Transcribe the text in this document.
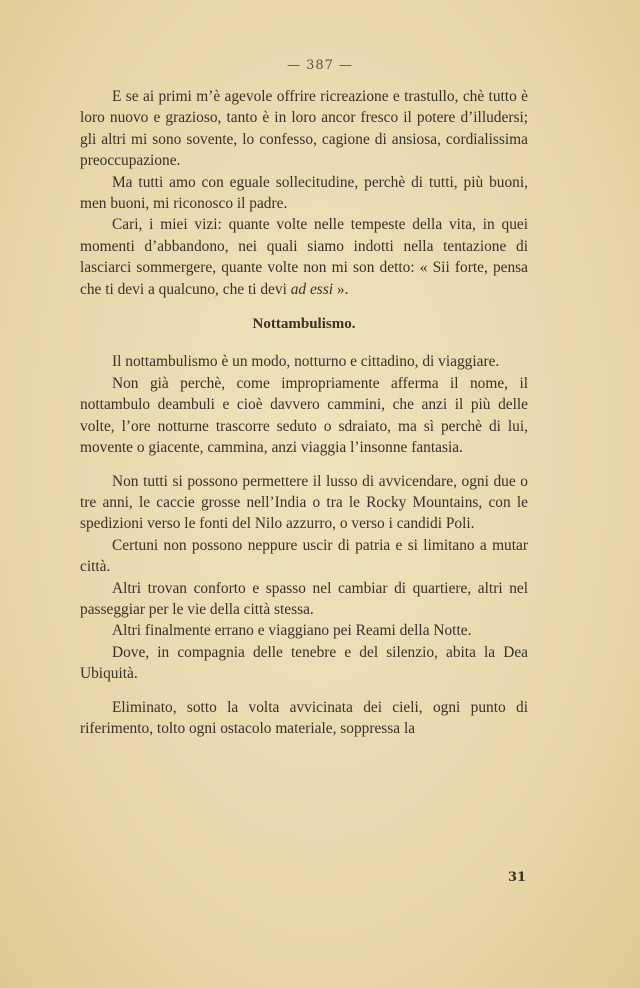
— 387 —

E se ai primi m’è agevole offrire ricreazione e trastullo, chè tutto è loro nuovo e grazioso, tanto è in loro ancor fresco il potere d’illudersi; gli altri mi sono sovente, lo confesso, cagione di ansiosa, cordialissima preoccupazione.

Ma tutti amo con eguale sollecitudine, perchè di tutti, più buoni, men buoni, mi riconosco il padre.

Cari, i miei vizi: quante volte nelle tempeste della vita, in quei momenti d’abbandono, nei quali siamo indotti nella tentazione di lasciarci sommergere, quante volte non mi son detto: « Sii forte, pensa che ti devi a qualcuno, che ti devi ad essi ».

Nottambulismo.

Il nottambulismo è un modo, notturno e cittadino, di viaggiare.

Non già perchè, come impropriamente afferma il nome, il nottambulo deambuli e cioè davvero cammini, che anzi il più delle volte, l’ore notturne trascorre seduto o sdraiato, ma sì perchè di lui, movente o giacente, cammina, anzi viaggia l’insonne fantasia.

Non tutti si possono permettere il lusso di avvicendare, ogni due o tre anni, le caccie grosse nell’India o tra le Rocky Mountains, con le spedizioni verso le fonti del Nilo azzurro, o verso i candidi Poli.

Certuni non possono neppure uscir di patria e si limitano a mutar città.

Altri trovan conforto e spasso nel cambiar di quartiere, altri nel passeggiar per le vie della città stessa.

Altri finalmente errano e viaggiano pei Reami della Notte.

Dove, in compagnia delle tenebre e del silenzio, abita la Dea Ubiquità.

Eliminato, sotto la volta avvicinata dei cieli, ogni punto di riferimento, tolto ogni ostacolo materiale, soppressa la

31
